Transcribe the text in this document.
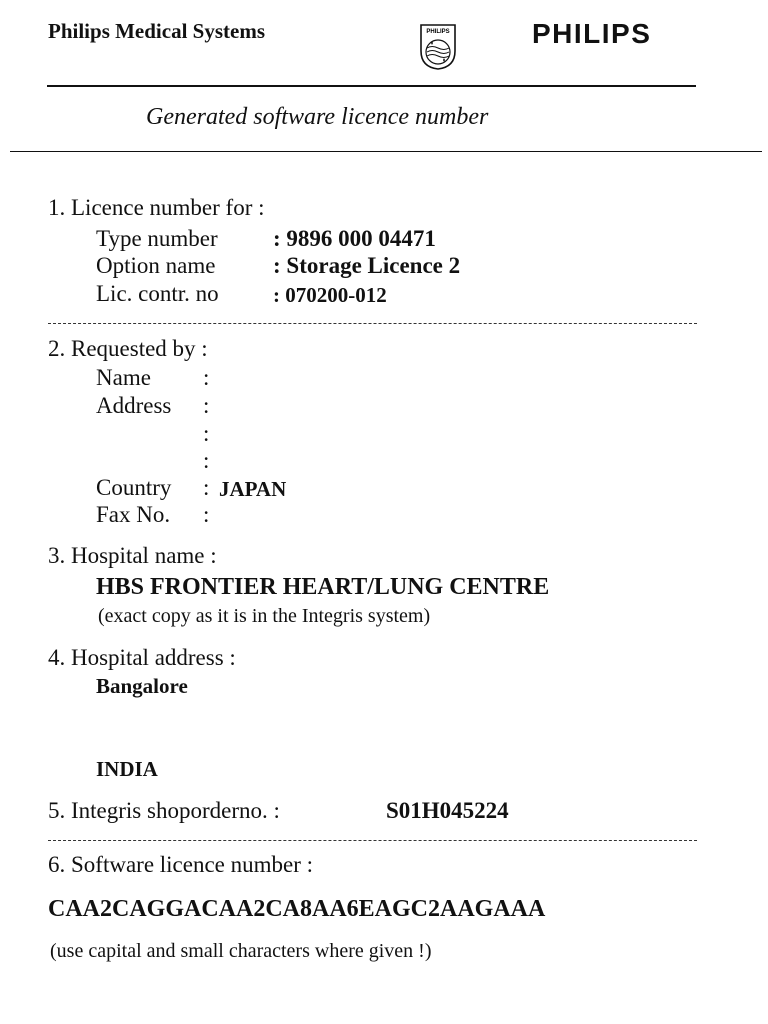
Philips Medical Systems	PHILIPS	PHILIPS
Generated software licence number
1. Licence number for :
Type number : 9896 000 04471
Option name	: Storage Licence 2
Lic. contr. no	: 070200-012
2. Requested by :
Name :
Address :
:
:
Country : JAPAN
Fax No. :
3. Hospital name :
HBS FRONTIER HEART/LUNG CENTRE
(exact copy as it is in the Integris system)
4. Hospital address :
Bangalore
INDIA
5. Integris shoporderno. :	S01H045224
6. Software licence number :
CAA2CAGGACAA2CA8AA6EAGC2AAGAAA
(use capital and small characters where given !)
